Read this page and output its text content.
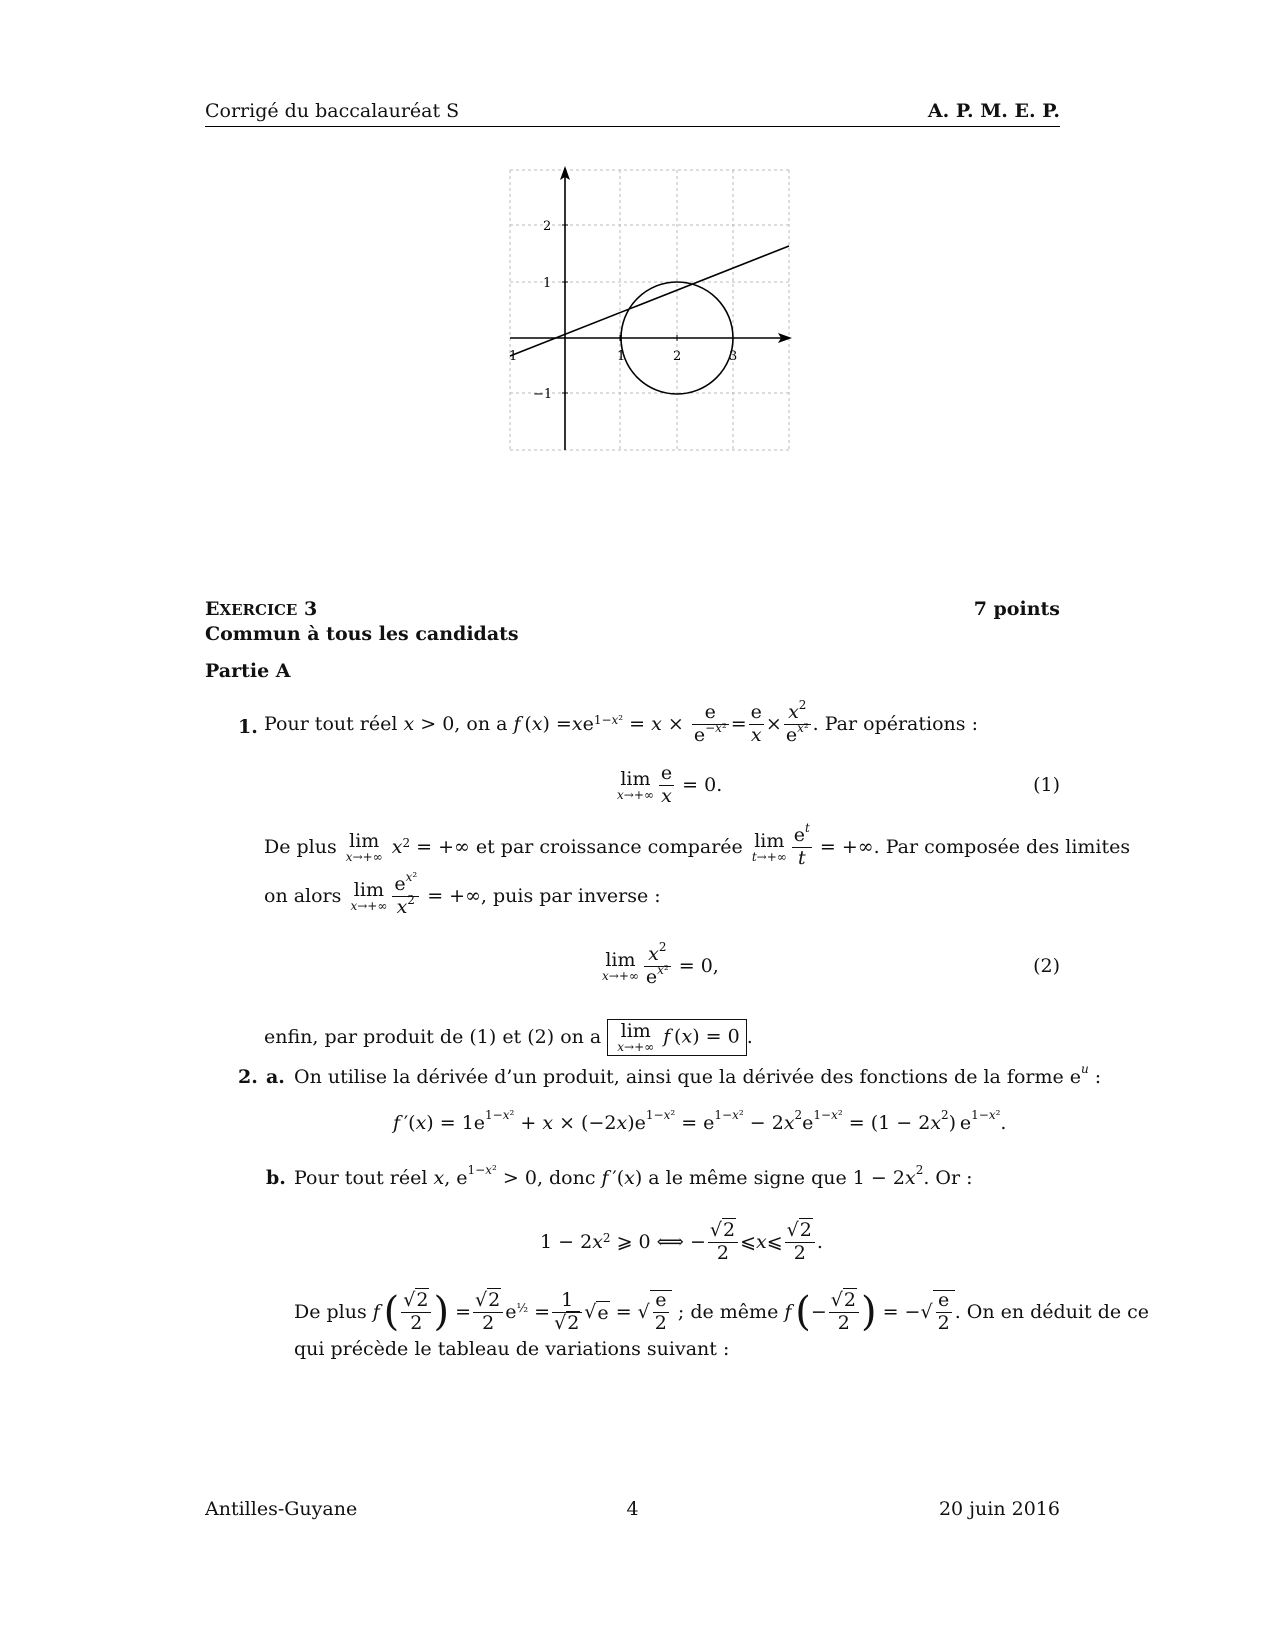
Corrigé du baccalauréat S	A. P. M. E. P.
1	1	2	3
2
1
−1
EXERCICE 3	7 points
Commun à tous les candidats
Partie A
1. Pour tout réel
x > 0, on a
f  ( x ) = x $e^{1-x^2} = x \times \frac{e}{e^{-x^2}} = \frac{e}{x} \times \frac{x^2}{e^{x^2}}$ . Par opérations :
lim
$x\to+\infty \frac{e}{x} = 0$.	(1)
De plus
lim
x→+∞
$x^2$ = +∞ et par croissance comparée
lim
$t\to+\infty \frac{e^t}{t}$ = +∞ . Par composée des limites
on alors
lim
$x\to+\infty \frac{e^{x^2}}{x^2}$ = +∞ , puis par inverse :
lim
$x\to+\infty \frac{x^2}{e^{x^2}} = 0$,	(2)
enfin, par produit de (1) et (2) on a
lim
x→+∞ f (x) = 0 .
2. a. On utilise la dérivée d’un produit, ainsi que la dérivée des fonctions de la forme $e^u$ :
f $'(x) = 1e^{1-x^2} + x \times (-2x)e^{1-x^2} = e^{1-x^2} - 2x^2e^{1-x^2} = (1 - 2x^2)$ $e^{1-x^2}$.
b. Pour tout réel x, $e^{1-x^2} > 0$, donc f ′(x) a le même signe que $1 - 2x^2$. Or :
1 − 2 $x^2$ ⩾ 0 ⟺ − $\frac{√2}{2}$ ⩽ x ⩽ $\frac{√2}{2}$ .
De plus
f
  ( $\frac{√2}{2}$ ) = $\frac{√2}{2} e^{\frac{1}{2}} = \frac{1}{√2}$ √ e = √ $\frac{e}{2}$
; de même
f
  ( − $\frac{√2}{2}$ ) = −√ $\frac{e}{2}$ . On en déduit de ce
qui précède le tableau de variations suivant :
Antilles-Guyane	4	20 juin 2016
